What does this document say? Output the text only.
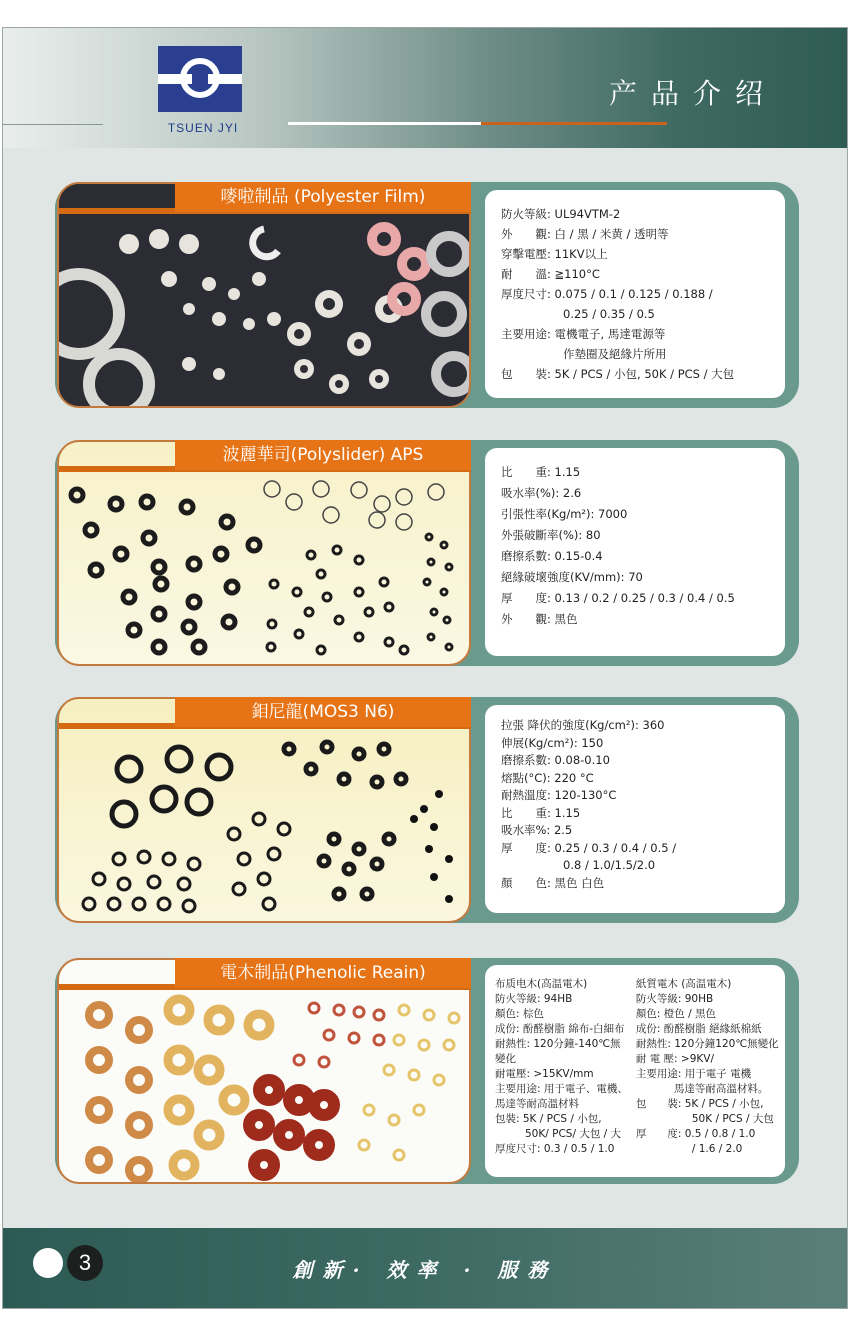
TSUEN JYI
产品介绍
嘜啦制品 (Polyester Film)
防火等級: UL94VTM-2
外　　觀: 白 / 黑 / 米黄 / 透明等
穿擊電壓: 11KV以上
耐　　溫: ≧110°C
厚度尺寸: 0.075 / 0.1 / 0.125 / 0.188 /
0.25 / 0.35 / 0.5
主要用途: 電機電子, 馬達電源等
作墊圈及絕緣片所用
包　　裝: 5K / PCS / 小包, 50K / PCS / 大包
波麗華司(Polyslider) APS
比　　重: 1.15
吸水率(%): 2.6
引張性率(Kg/m²): 7000
外張破斷率(%): 80
磨擦系數: 0.15-0.4
絕緣破壞強度(KV/mm): 70
厚　　度: 0.13 / 0.2 / 0.25 / 0.3 / 0.4 / 0.5
外　　觀: 黑色
鉬尼龍(MOS3 N6)
拉張 降伏的強度(Kg/cm²): 360
伸展(Kg/cm²): 150
磨擦系數: 0.08-0.10
熔點(°C): 220 °C
耐熱溫度: 120-130°C
比　　重: 1.15
吸水率%: 2.5
厚　　度: 0.25 / 0.3 / 0.4 / 0.5 /
0.8 / 1.0/1.5/2.0
顏　　色: 黑色 白色
電木制品(Phenolic Reain)
布质电木(高温電木)
防火等級: 94HB
顏色: 棕色
成份: 酚醛樹脂 綿布-白細布
耐熱性: 120分鐘-140℃無
變化
耐電壓: >15KV/mm
主要用途: 用于電子、電機、
馬達等耐高溫材料
包裝: 5K / PCS / 小包,
50K/ PCS/ 大包 / 大
厚度尺寸: 0.3 / 0.5 / 1.0
紙質電木 (高温電木)
防火等級: 90HB
顏色: 橙色 / 黑色
成份: 酚醛樹脂 絕緣紙棉紙
耐熱性: 120分鐘120℃無變化
耐 電 壓: >9KV/
主要用途: 用于電子 電機
馬達等耐高溫材料。
包　　裝: 5K / PCS / 小包,
50K / PCS / 大包
厚　　度: 0.5 / 0.8 / 1.0
/ 1.6 / 2.0
3	創新· 效率 · 服務
